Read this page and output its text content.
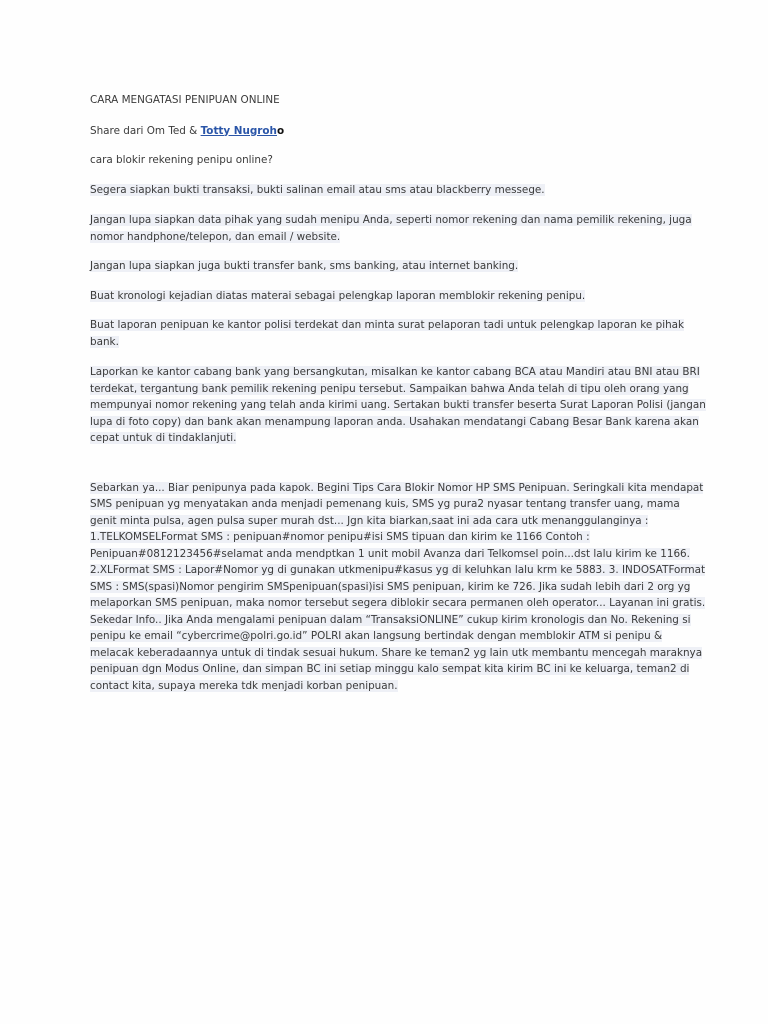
CARA MENGATASI PENIPUAN ONLINE

Share dari Om Ted & Totty Nugroho

cara blokir rekening penipu online?

Segera siapkan bukti transaksi, bukti salinan email atau sms atau blackberry messege.

Jangan lupa siapkan data pihak yang sudah menipu Anda, seperti nomor rekening dan nama pemilik rekening, juga nomor handphone/telepon, dan email / website.

Jangan lupa siapkan juga bukti transfer bank, sms banking, atau internet banking.

Buat kronologi kejadian diatas materai sebagai pelengkap laporan memblokir rekening penipu.

Buat laporan penipuan ke kantor polisi terdekat dan minta surat pelaporan tadi untuk pelengkap laporan ke pihak bank.

Laporkan ke kantor cabang bank yang bersangkutan, misalkan ke kantor cabang BCA atau Mandiri atau BNI atau BRI terdekat, tergantung bank pemilik rekening penipu tersebut. Sampaikan bahwa Anda telah di tipu oleh orang yang mempunyai nomor rekening yang telah anda kirimi uang. Sertakan bukti transfer beserta Surat Laporan Polisi (jangan lupa di foto copy) dan bank akan menampung laporan anda. Usahakan mendatangi Cabang Besar Bank karena akan cepat untuk di tindaklanjuti.

Sebarkan ya... Biar penipunya pada kapok. Begini Tips Cara Blokir Nomor HP SMS Penipuan. Seringkali kita mendapat SMS penipuan yg menyatakan anda menjadi pemenang kuis, SMS yg pura2 nyasar tentang transfer uang, mama genit minta pulsa, agen pulsa super murah dst... Jgn kita biarkan,saat ini ada cara utk menanggulanginya : 1.TELKOMSELFormat SMS : penipuan#nomor penipu#isi SMS tipuan dan kirim ke 1166 Contoh : Penipuan#0812123456#selamat anda mendptkan 1 unit mobil Avanza dari Telkomsel poin...dst lalu kirim ke 1166. 2.XLFormat SMS : Lapor#Nomor yg di gunakan utkmenipu#kasus yg di keluhkan lalu krm ke 5883. 3. INDOSATFormat SMS : SMS(spasi)Nomor pengirim SMSpenipuan(spasi)isi SMS penipuan, kirim ke 726. Jika sudah lebih dari 2 org yg melaporkan SMS penipuan, maka nomor tersebut segera diblokir secara permanen oleh operator... Layanan ini gratis. Sekedar Info.. Jika Anda mengalami penipuan dalam “TransaksiONLINE” cukup kirim kronologis dan No. Rekening si penipu ke email “cybercrime@polri.go.id” POLRI akan langsung bertindak dengan memblokir ATM si penipu & melacak keberadaannya untuk di tindak sesuai hukum. Share ke teman2 yg lain utk membantu mencegah maraknya penipuan dgn Modus Online, dan simpan BC ini setiap minggu kalo sempat kita kirim BC ini ke keluarga, teman2 di contact kita, supaya mereka tdk menjadi korban penipuan.
